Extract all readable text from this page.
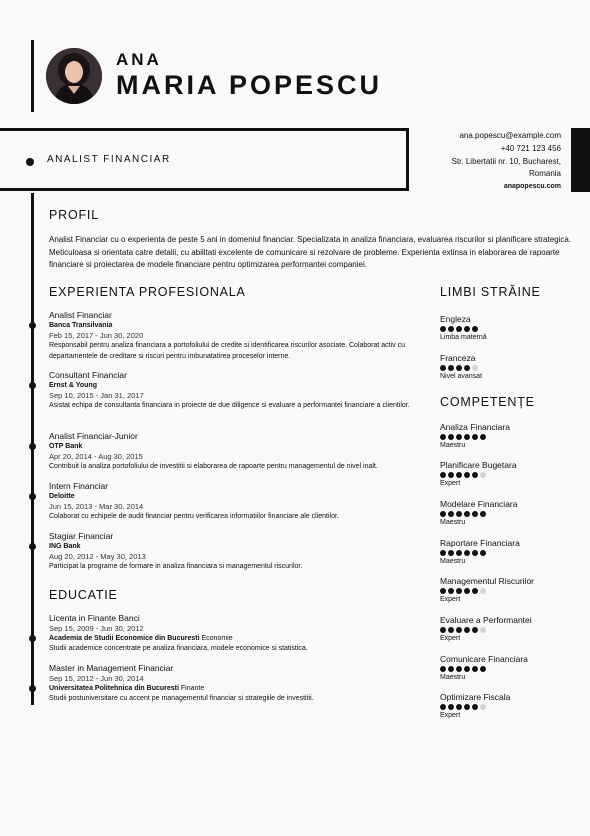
ANA
MARIA POPESCU
ANALIST FINANCIAR
ana.popescu@example.com
+40 721 123 456
Str. Libertatii nr. 10, Bucharest,
Romania
anapopescu.com
PROFIL
Analist Financiar cu o experienta de peste 5 ani in domeniul financiar. Specializata in analiza financiara, evaluarea riscurilor si planificare strategica. Meticuloasa si orientata catre detalii, cu abilitati excelente de comunicare si rezolvare de probleme. Experienta extinsa in elaborarea de rapoarte financiare si proiectarea de modele financiare pentru optimizarea performantei companiei.
EXPERIENTA PROFESIONALA
Analist Financiar
Banca Transilvania
Feb 15, 2017 - Jun 30, 2020
Responsabil pentru analiza financiara a portofoliului de credite si identificarea riscurilor asociate. Colaborat activ cu departamentele de creditare si riscuri pentru imbunatatirea proceselor interne.
Consultant Financiar
Ernst & Young
Sep 10, 2015 - Jan 31, 2017
Asistat echipa de consultanta financiara in proiecte de due diligence si evaluare a performantei financiare a clientilor.
Analist Financiar-Junior
OTP Bank
Apr 20, 2014 - Aug 30, 2015
Contribuit la analiza portofoliului de investitii si elaborarea de rapoarte pentru managementul de nivel inalt.
Intern Financiar
Deloitte
Jun 15, 2013 - Mar 30, 2014
Colaborat cu echipele de audit financiar pentru verificarea informatiilor financiare ale clientilor.
Stagiar Financiar
ING Bank
Aug 20, 2012 - May 30, 2013
Participat la programe de formare in analiza financiara si managementul riscurilor.
EDUCATIE
Licenta in Finante Banci
Sep 15, 2009 - Jun 30, 2012
Academia de Studii Economice din Bucuresti Economie
Studii academice concentrate pe analiza financiara, modele economice si statistica.
Master in Management Financiar
Sep 15, 2012 - Jun 30, 2014
Universitatea Politehnica din Bucuresti Finante
Studii postuniversitare cu accent pe managementul financiar si strategiile de investitii.
LIMBI STRĂINE
Engleza
Limba maternă
Franceza
Nivel avansat
COMPETENȚE
Analiza Financiara
Maestru
Planificare Bugetara
Expert
Modelare Financiara
Maestru
Raportare Financiara
Maestru
Managementul Riscurilor
Expert
Evaluare a Performantei
Expert
Comunicare Financiara
Maestru
Optimizare Fiscala
Expert
